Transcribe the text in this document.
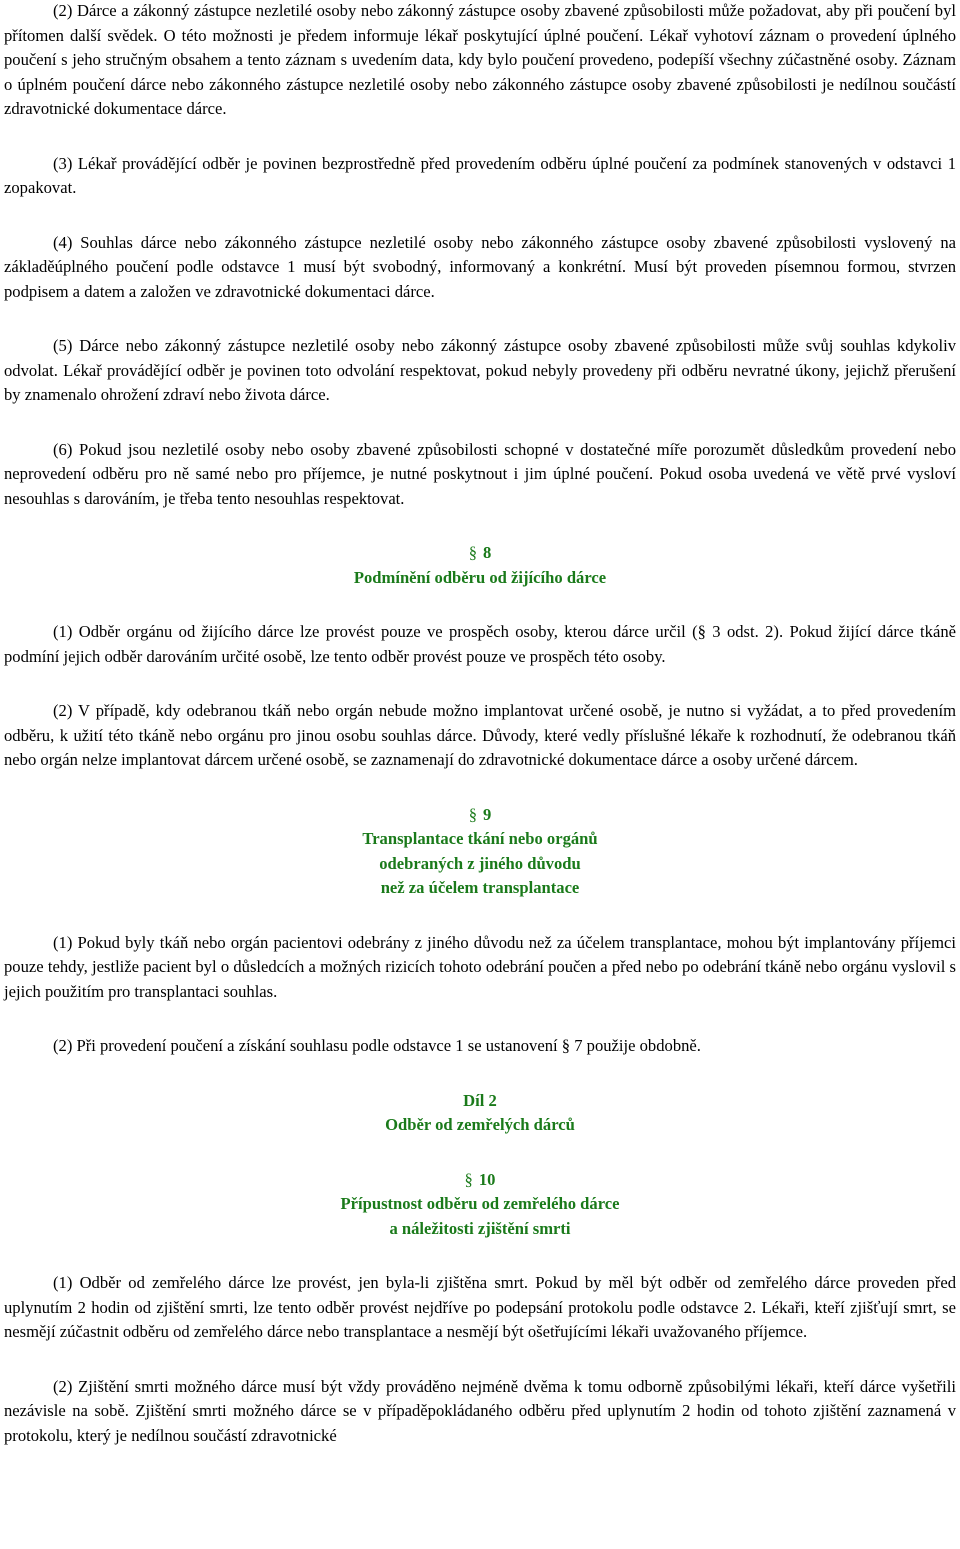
(2) Dárce a zákonný zástupce nezletilé osoby nebo zákonný zástupce osoby zbavené způsobilosti může požadovat, aby při poučení byl přítomen další svědek. O této možnosti je předem informuje lékař poskytující úplné poučení. Lékař vyhotoví záznam o provedení úplného poučení s jeho stručným obsahem a tento záznam s uvedením data, kdy bylo poučení provedeno, podepíší všechny zúčastněné osoby. Záznam o úplném poučení dárce nebo zákonného zástupce nezletilé osoby nebo zákonného zástupce osoby zbavené způsobilosti je nedílnou součástí zdravotnické dokumentace dárce.

(3) Lékař provádějící odběr je povinen bezprostředně před provedením odběru úplné poučení za podmínek stanovených v odstavci 1 zopakovat.

(4) Souhlas dárce nebo zákonného zástupce nezletilé osoby nebo zákonného zástupce osoby zbavené způsobilosti vyslovený na základěúplného poučení podle odstavce 1 musí být svobodný, informovaný a konkrétní. Musí být proveden písemnou formou, stvrzen podpisem a datem a založen ve zdravotnické dokumentaci dárce.

(5) Dárce nebo zákonný zástupce nezletilé osoby nebo zákonný zástupce osoby zbavené způsobilosti může svůj souhlas kdykoliv odvolat. Lékař provádějící odběr je povinen toto odvolání respektovat, pokud nebyly provedeny při odběru nevratné úkony, jejichž přerušení by znamenalo ohrožení zdraví nebo života dárce.

(6) Pokud jsou nezletilé osoby nebo osoby zbavené způsobilosti schopné v dostatečné míře porozumět důsledkům provedení nebo neprovedení odběru pro ně samé nebo pro příjemce, je nutné poskytnout i jim úplné poučení. Pokud osoba uvedená ve větě prvé vysloví nesouhlas s darováním, je třeba tento nesouhlas respektovat.

§ 8
Podmínění odběru od žijícího dárce

(1) Odběr orgánu od žijícího dárce lze provést pouze ve prospěch osoby, kterou dárce určil (§ 3 odst. 2). Pokud žijící dárce tkáně podmíní jejich odběr darováním určité osobě, lze tento odběr provést pouze ve prospěch této osoby.

(2) V případě, kdy odebranou tkáň nebo orgán nebude možno implantovat určené osobě, je nutno si vyžádat, a to před provedením odběru, k užití této tkáně nebo orgánu pro jinou osobu souhlas dárce. Důvody, které vedly příslušné lékaře k rozhodnutí, že odebranou tkáň nebo orgán nelze implantovat dárcem určené osobě, se zaznamenají do zdravotnické dokumentace dárce a osoby určené dárcem.

§ 9
Transplantace tkání nebo orgánů
odebraných z jiného důvodu
než za účelem transplantace

(1) Pokud byly tkáň nebo orgán pacientovi odebrány z jiného důvodu než za účelem transplantace, mohou být implantovány příjemci pouze tehdy, jestliže pacient byl o důsledcích a možných rizicích tohoto odebrání poučen a před nebo po odebrání tkáně nebo orgánu vyslovil s jejich použitím pro transplantaci souhlas.

(2) Při provedení poučení a získání souhlasu podle odstavce 1 se ustanovení § 7 použije obdobně.

Díl 2
Odběr od zemřelých dárců
§ 10
Přípustnost odběru od zemřelého dárce
a náležitosti zjištění smrti

(1) Odběr od zemřelého dárce lze provést, jen byla-li zjištěna smrt. Pokud by měl být odběr od zemřelého dárce proveden před uplynutím 2 hodin od zjištění smrti, lze tento odběr provést nejdříve po podepsání protokolu podle odstavce 2. Lékaři, kteří zjišťují smrt, se nesmějí zúčastnit odběru od zemřelého dárce nebo transplantace a nesmějí být ošetřujícími lékaři uvažovaného příjemce.

(2) Zjištění smrti možného dárce musí být vždy prováděno nejméně dvěma k tomu odborně způsobilými lékaři, kteří dárce vyšetřili nezávisle na sobě. Zjištění smrti možného dárce se v případěpokládaného odběru před uplynutím 2 hodin od tohoto zjištění zaznamená v protokolu, který je nedílnou součástí zdravotnické
